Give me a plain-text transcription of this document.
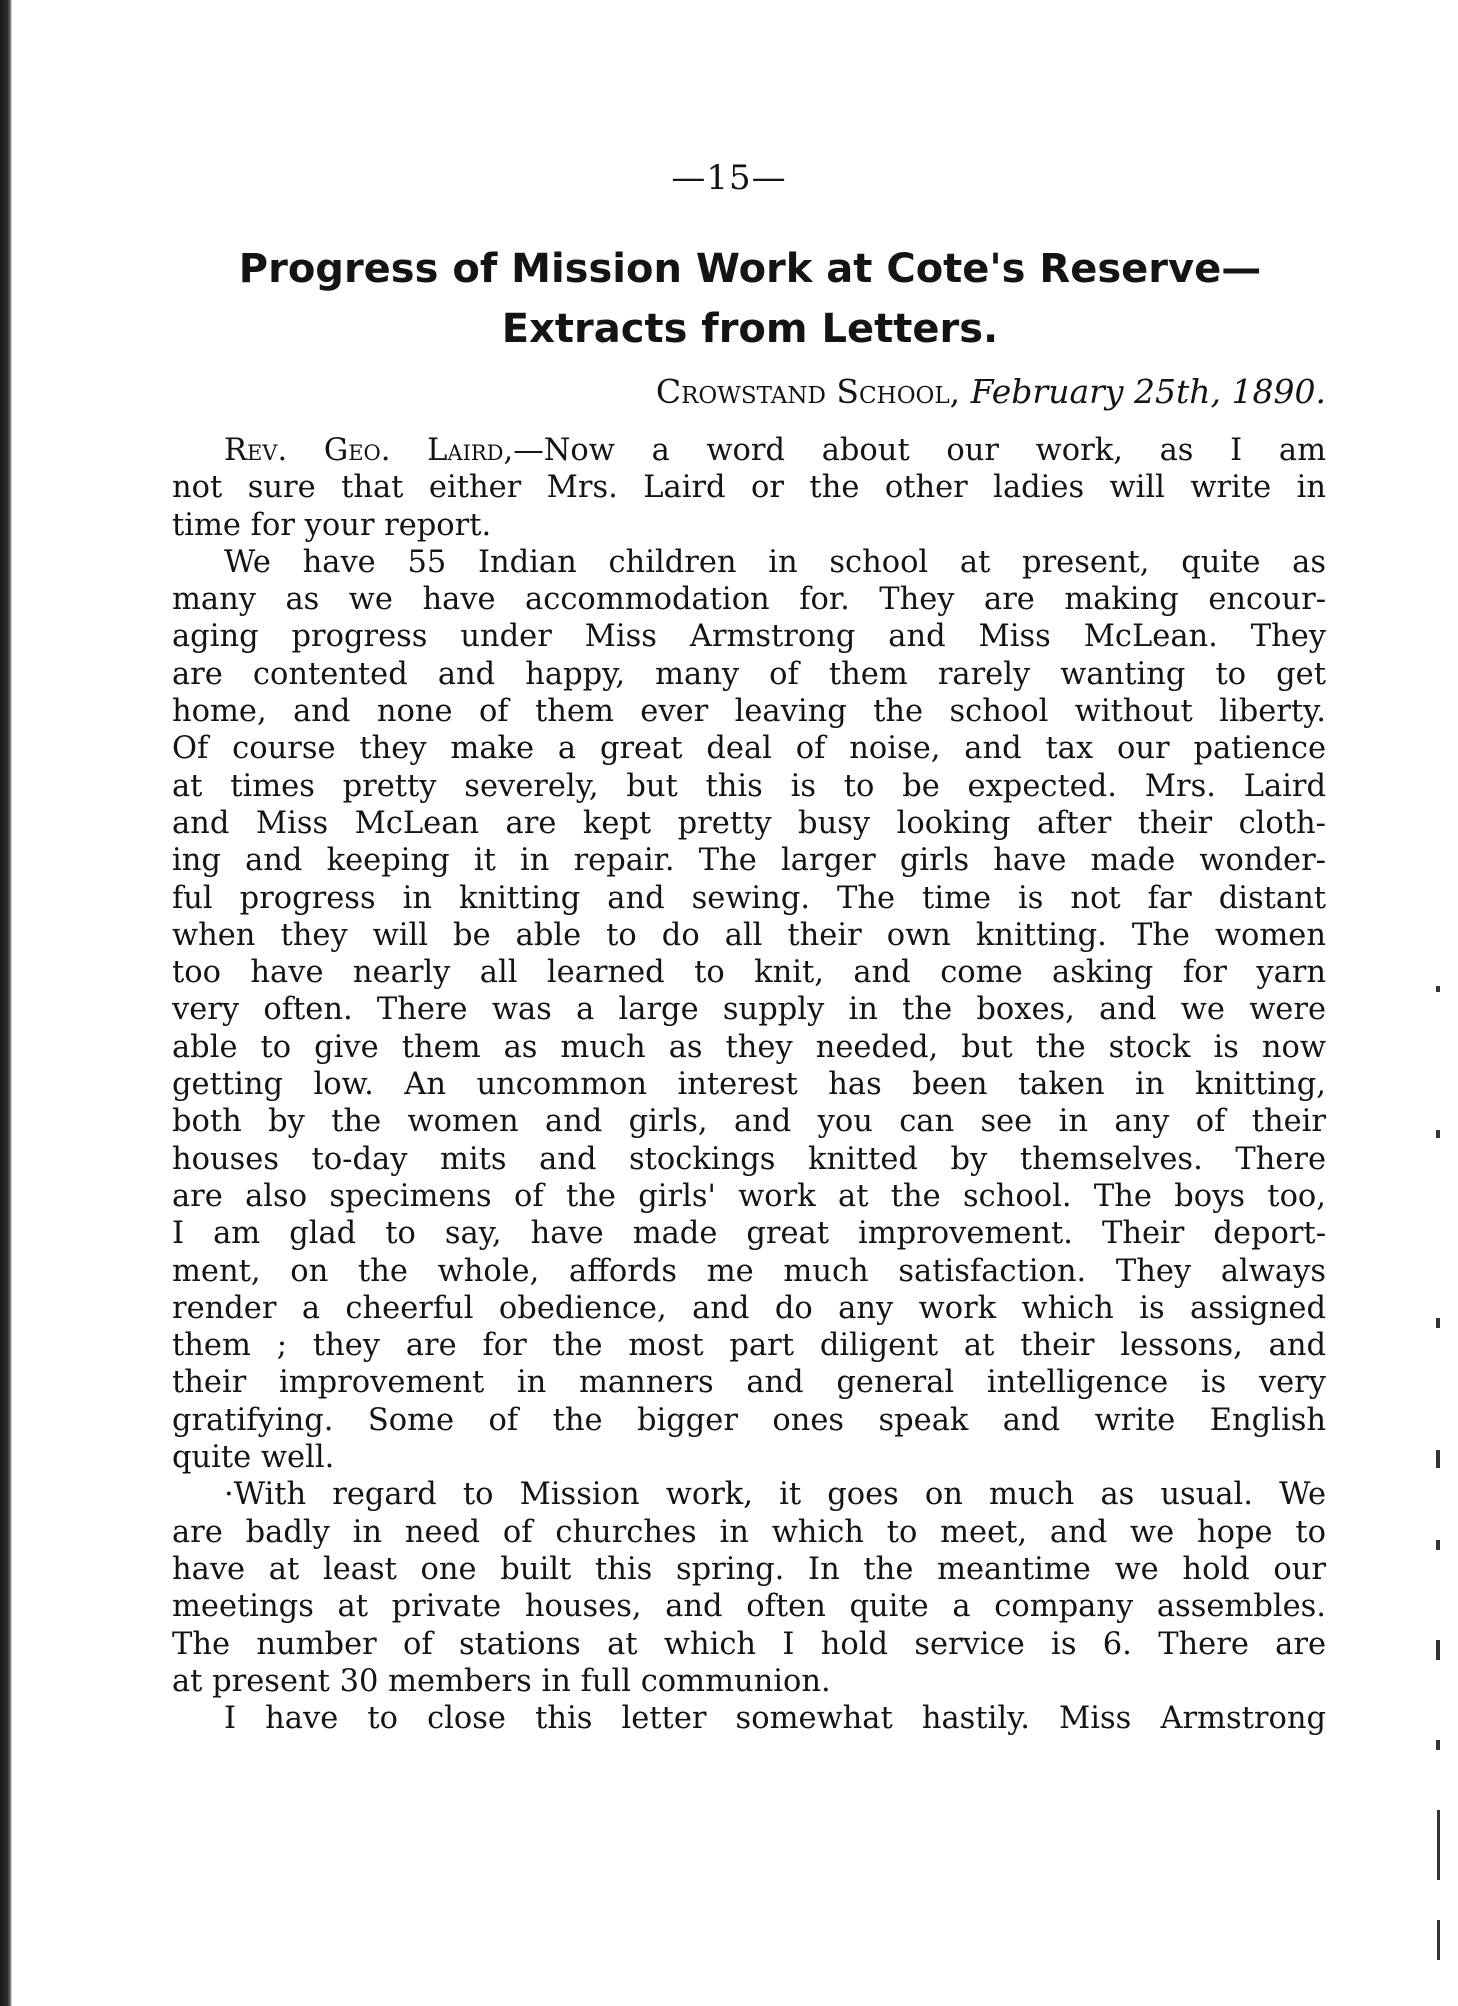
—15—
Progress of Mission Work at Cote's Reserve—
Extracts from Letters.
Crowstand School, February 25th, 1890.
Rev. Geo. Laird,—Now a word about our work, as I am
not sure that either Mrs. Laird or the other ladies will write in
time for your report.
We have 55 Indian children in school at present, quite as
many as we have accommodation for. They are making encour-
aging progress under Miss Armstrong and Miss McLean. They
are contented and happy, many of them rarely wanting to get
home, and none of them ever leaving the school without liberty.
Of course they make a great deal of noise, and tax our patience
at times pretty severely, but this is to be expected. Mrs. Laird
and Miss McLean are kept pretty busy looking after their cloth-
ing and keeping it in repair. The larger girls have made wonder-
ful progress in knitting and sewing. The time is not far distant
when they will be able to do all their own knitting. The women
too have nearly all learned to knit, and come asking for yarn
very often. There was a large supply in the boxes, and we were
able to give them as much as they needed, but the stock is now
getting low. An uncommon interest has been taken in knitting,
both by the women and girls, and you can see in any of their
houses to-day mits and stockings knitted by themselves. There
are also specimens of the girls' work at the school. The boys too,
I am glad to say, have made great improvement. Their deport-
ment, on the whole, affords me much satisfaction. They always
render a cheerful obedience, and do any work which is assigned
them ; they are for the most part diligent at their lessons, and
their improvement in manners and general intelligence is very
gratifying. Some of the bigger ones speak and write English
quite well.
·With regard to Mission work, it goes on much as usual. We
are badly in need of churches in which to meet, and we hope to
have at least one built this spring. In the meantime we hold our
meetings at private houses, and often quite a company assembles.
The number of stations at which I hold service is 6. There are
at present 30 members in full communion.
I have to close this letter somewhat hastily. Miss Armstrong
